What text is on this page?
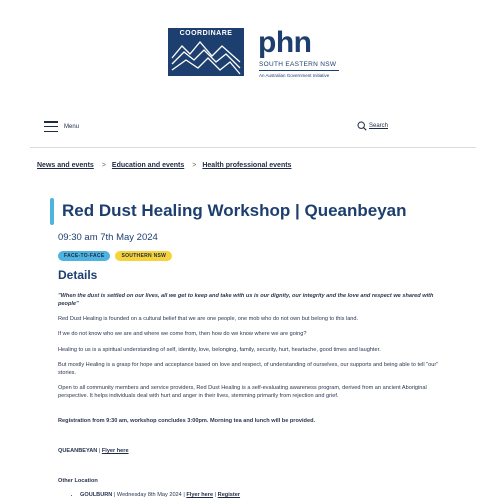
COORDINARE phn
SOUTH EASTERN NSW
An Australian Government Initiative
Menu	Search
News and events > Education and events > Health professional events
Red Dust Healing Workshop | Queanbeyan
09:30 am 7th May 2024
FACE-TO-FACE	SOUTHERN NSW
Details
"When the dust is settled on our lives, all we get to keep and take with us is our dignity, our integrity and the love and respect we shared with people"
Red Dust Healing is founded on a cultural belief that we are one people, one mob who do not own but belong to this land.
If we do not know who we are and where we come from, then how do we know where we are going?
Healing to us is a spiritual understanding of self, identity, love, belonging, family, security, hurt, heartache, good times and laughter.
But mostly Healing is a grasp for hope and acceptance based on love and respect, of understanding of ourselves, our supports and being able to tell "our" stories.
Open to all community members and service providers, Red Dust Healing is a self-evaluating awareness program, derived from an ancient Aboriginal perspective. It helps individuals deal with hurt and anger in their lives, stemming primarily from rejection and grief.
Registration from 9:30 am, workshop concludes 3:00pm. Morning tea and lunch will be provided.
QUEANBEYAN | Flyer here
Other Location
• GOULBURN | Wednesday 8th May 2024 | Flyer here | Register
